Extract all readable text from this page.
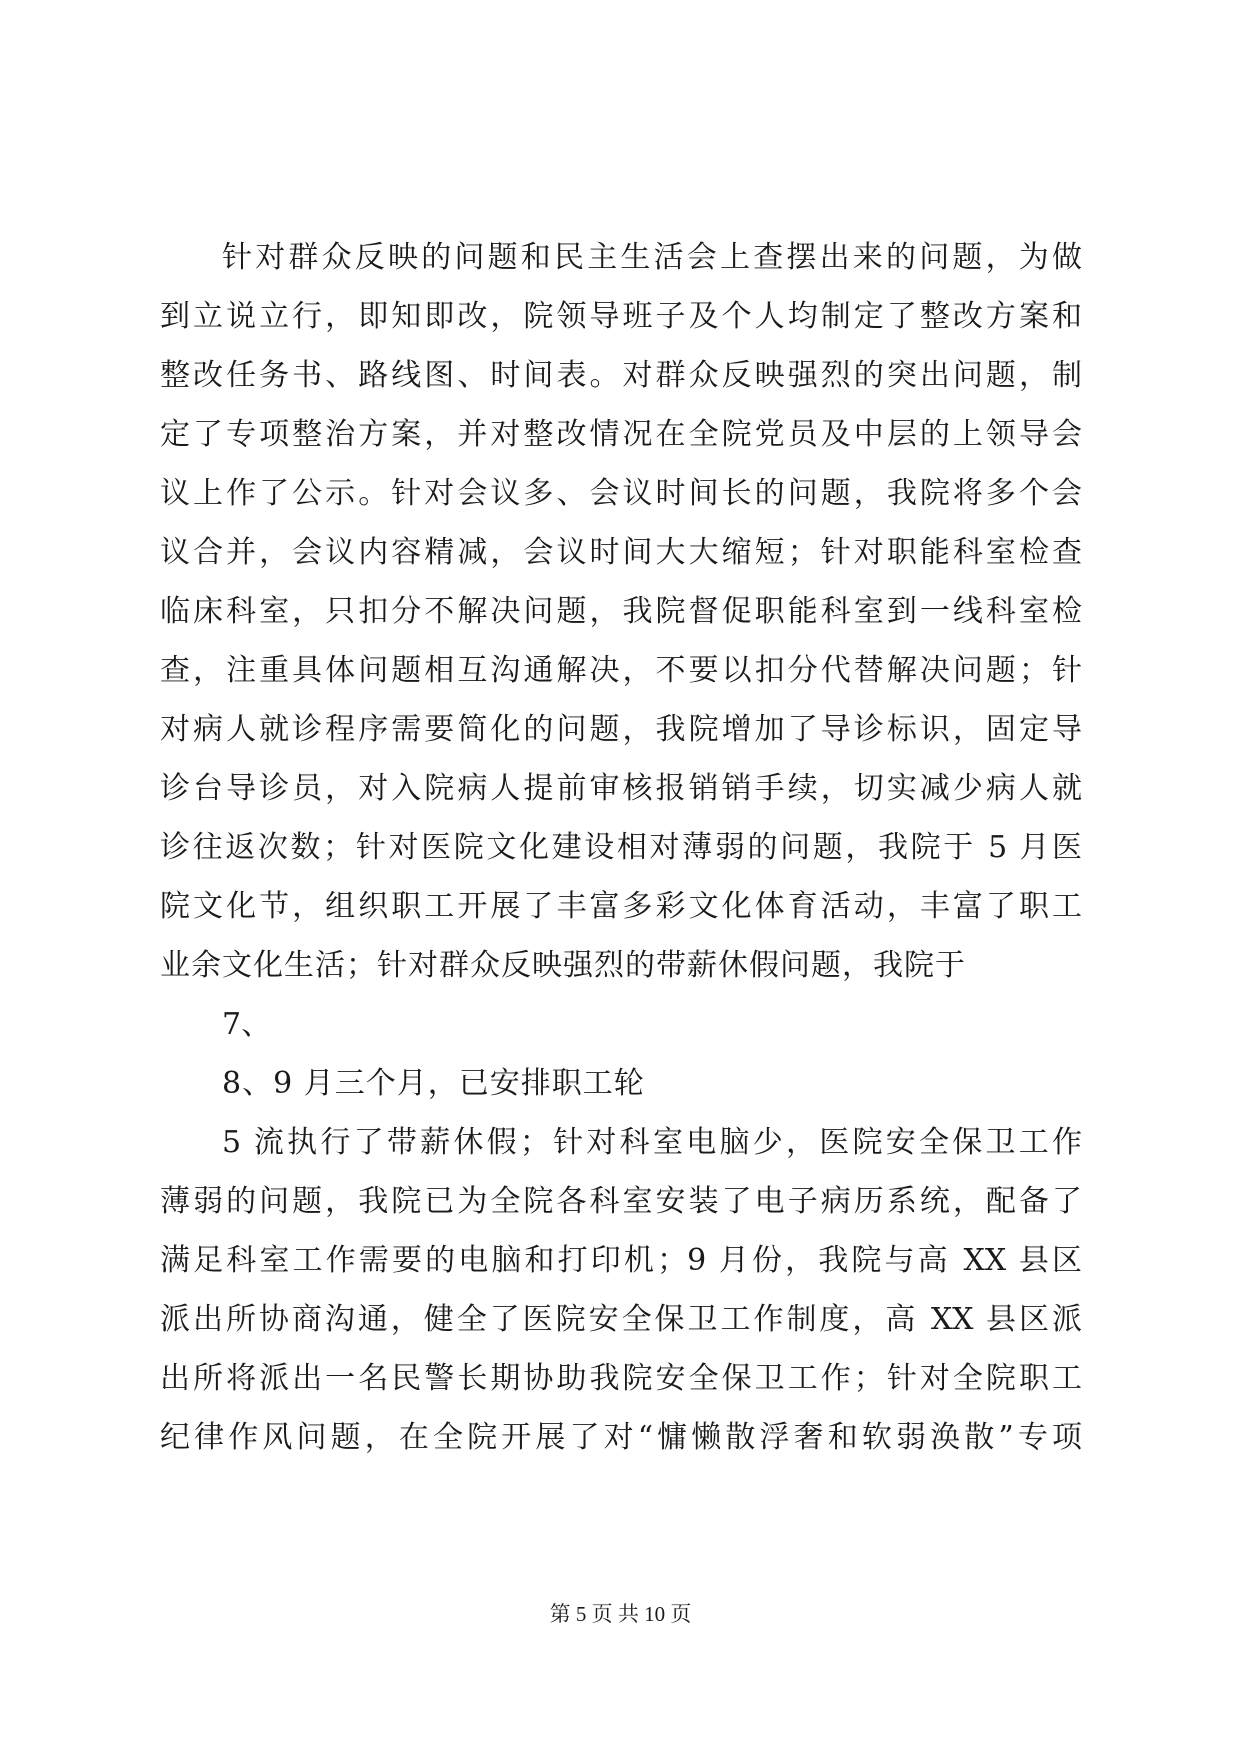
针对群众反映的问题和民主生活会上查摆出来的问题，为做
到立说立行，即知即改，院领导班子及个人均制定了整改方案和
整改任务书、路线图、时间表。对群众反映强烈的突出问题，制
定了专项整治方案，并对整改情况在全院党员及中层的上领导会
议上作了公示。针对会议多、会议时间长的问题，我院将多个会
议合并，会议内容精减，会议时间大大缩短；针对职能科室检查
临床科室，只扣分不解决问题，我院督促职能科室到一线科室检
查，注重具体问题相互沟通解决，不要以扣分代替解决问题；针
对病人就诊程序需要简化的问题，我院增加了导诊标识，固定导
诊台导诊员，对入院病人提前审核报销销手续，切实减少病人就
诊往返次数；针对医院文化建设相对薄弱的问题，我院于 5 月医
院文化节，组织职工开展了丰富多彩文化体育活动，丰富了职工
业余文化生活；针对群众反映强烈的带薪休假问题，我院于
7、
8、9 月三个月，已安排职工轮
5 流执行了带薪休假；针对科室电脑少，医院安全保卫工作
薄弱的问题，我院已为全院各科室安装了电子病历系统，配备了
满足科室工作需要的电脑和打印机；9 月份，我院与高 XX 县区
派出所协商沟通，健全了医院安全保卫工作制度，高 XX 县区派
出所将派出一名民警长期协助我院安全保卫工作；针对全院职工
纪律作风问题，在全院开展了对“慵懒散浮奢和软弱涣散”专项
第 5 页 共 10 页
